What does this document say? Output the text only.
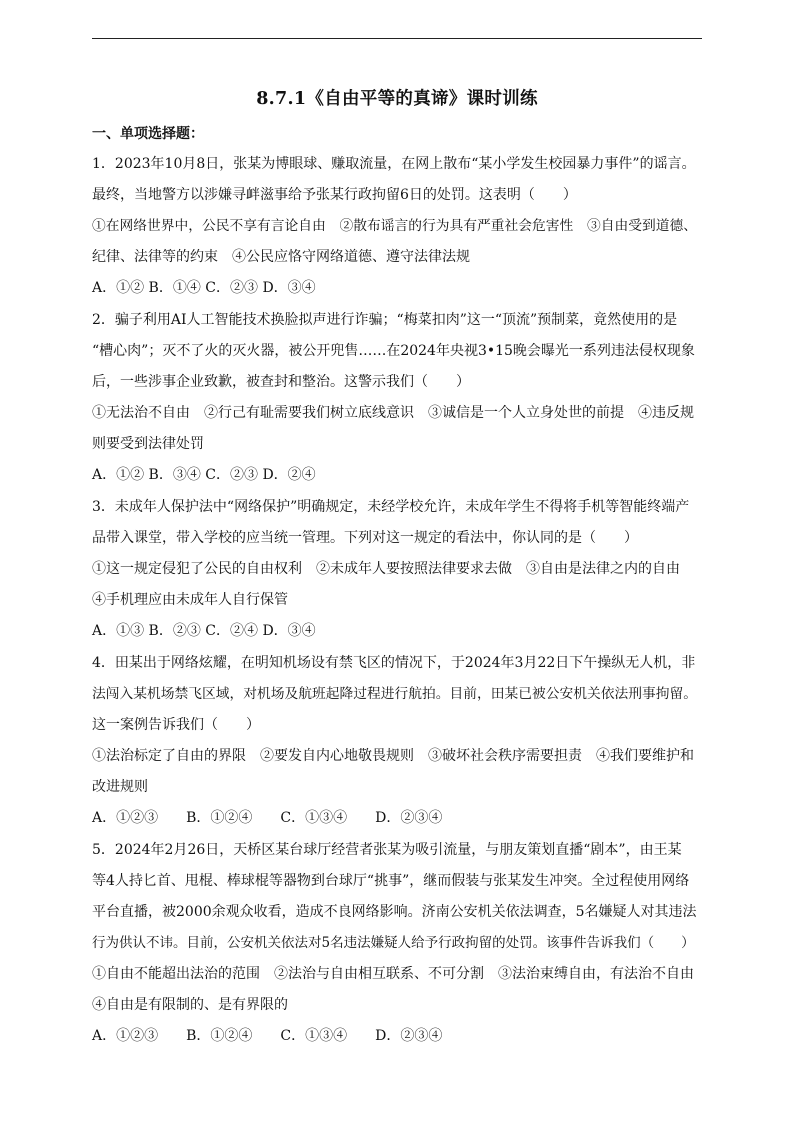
8.7.1《自由平等的真谛》课时训练
一、单项选择题：
1．2023年10月8日，张某为博眼球、赚取流量，在网上散布“某小学发生校园暴力事件”的谣言。
最终，当地警方以涉嫌寻衅滋事给予张某行政拘留6日的处罚。这表明（　　）
①在网络世界中，公民不享有言论自由　②散布谣言的行为具有严重社会危害性　③自由受到道德、
纪律、法律等的约束　④公民应恪守网络道德、遵守法律法规
A．①② B．①④ C．②③ D．③④
2．骗子利用AI人工智能技术换脸拟声进行诈骗；“梅菜扣肉”这一“顶流”预制菜，竟然使用的是
“槽心肉”；灭不了火的灭火器，被公开兜售……在2024年央视3•15晚会曝光一系列违法侵权现象
后，一些涉事企业致歉，被查封和整治。这警示我们（　　）
①无法治不自由　②行己有耻需要我们树立底线意识　③诚信是一个人立身处世的前提　④违反规
则要受到法律处罚
A．①② B．③④ C．②③ D．②④
3．未成年人保护法中“网络保护”明确规定，未经学校允许，未成年学生不得将手机等智能终端产
品带入课堂，带入学校的应当统一管理。下列对这一规定的看法中，你认同的是（　　）
①这一规定侵犯了公民的自由权利　②未成年人要按照法律要求去做　③自由是法律之内的自由
④手机理应由未成年人自行保管
A．①③ B．②③ C．②④ D．③④
4．田某出于网络炫耀，在明知机场设有禁飞区的情况下，于2024年3月22日下午操纵无人机，非
法闯入某机场禁飞区域，对机场及航班起降过程进行航拍。目前，田某已被公安机关依法刑事拘留。
这一案例告诉我们（　　）
①法治标定了自由的界限　②要发自内心地敬畏规则　③破坏社会秩序需要担责　④我们要维护和
改进规则
A．①②③　　B．①②④　　C．①③④　　D．②③④
5．2024年2月26日，天桥区某台球厅经营者张某为吸引流量，与朋友策划直播“剧本”，由王某
等4人持匕首、甩棍、棒球棍等器物到台球厅“挑事”，继而假装与张某发生冲突。全过程使用网络
平台直播，被2000余观众收看，造成不良网络影响。济南公安机关依法调查，5名嫌疑人对其违法
行为供认不讳。目前，公安机关依法对5名违法嫌疑人给予行政拘留的处罚。该事件告诉我们（　　）
①自由不能超出法治的范围　②法治与自由相互联系、不可分割　③法治束缚自由，有法治不自由
④自由是有限制的、是有界限的
A．①②③　　B．①②④　　C．①③④　　D．②③④
